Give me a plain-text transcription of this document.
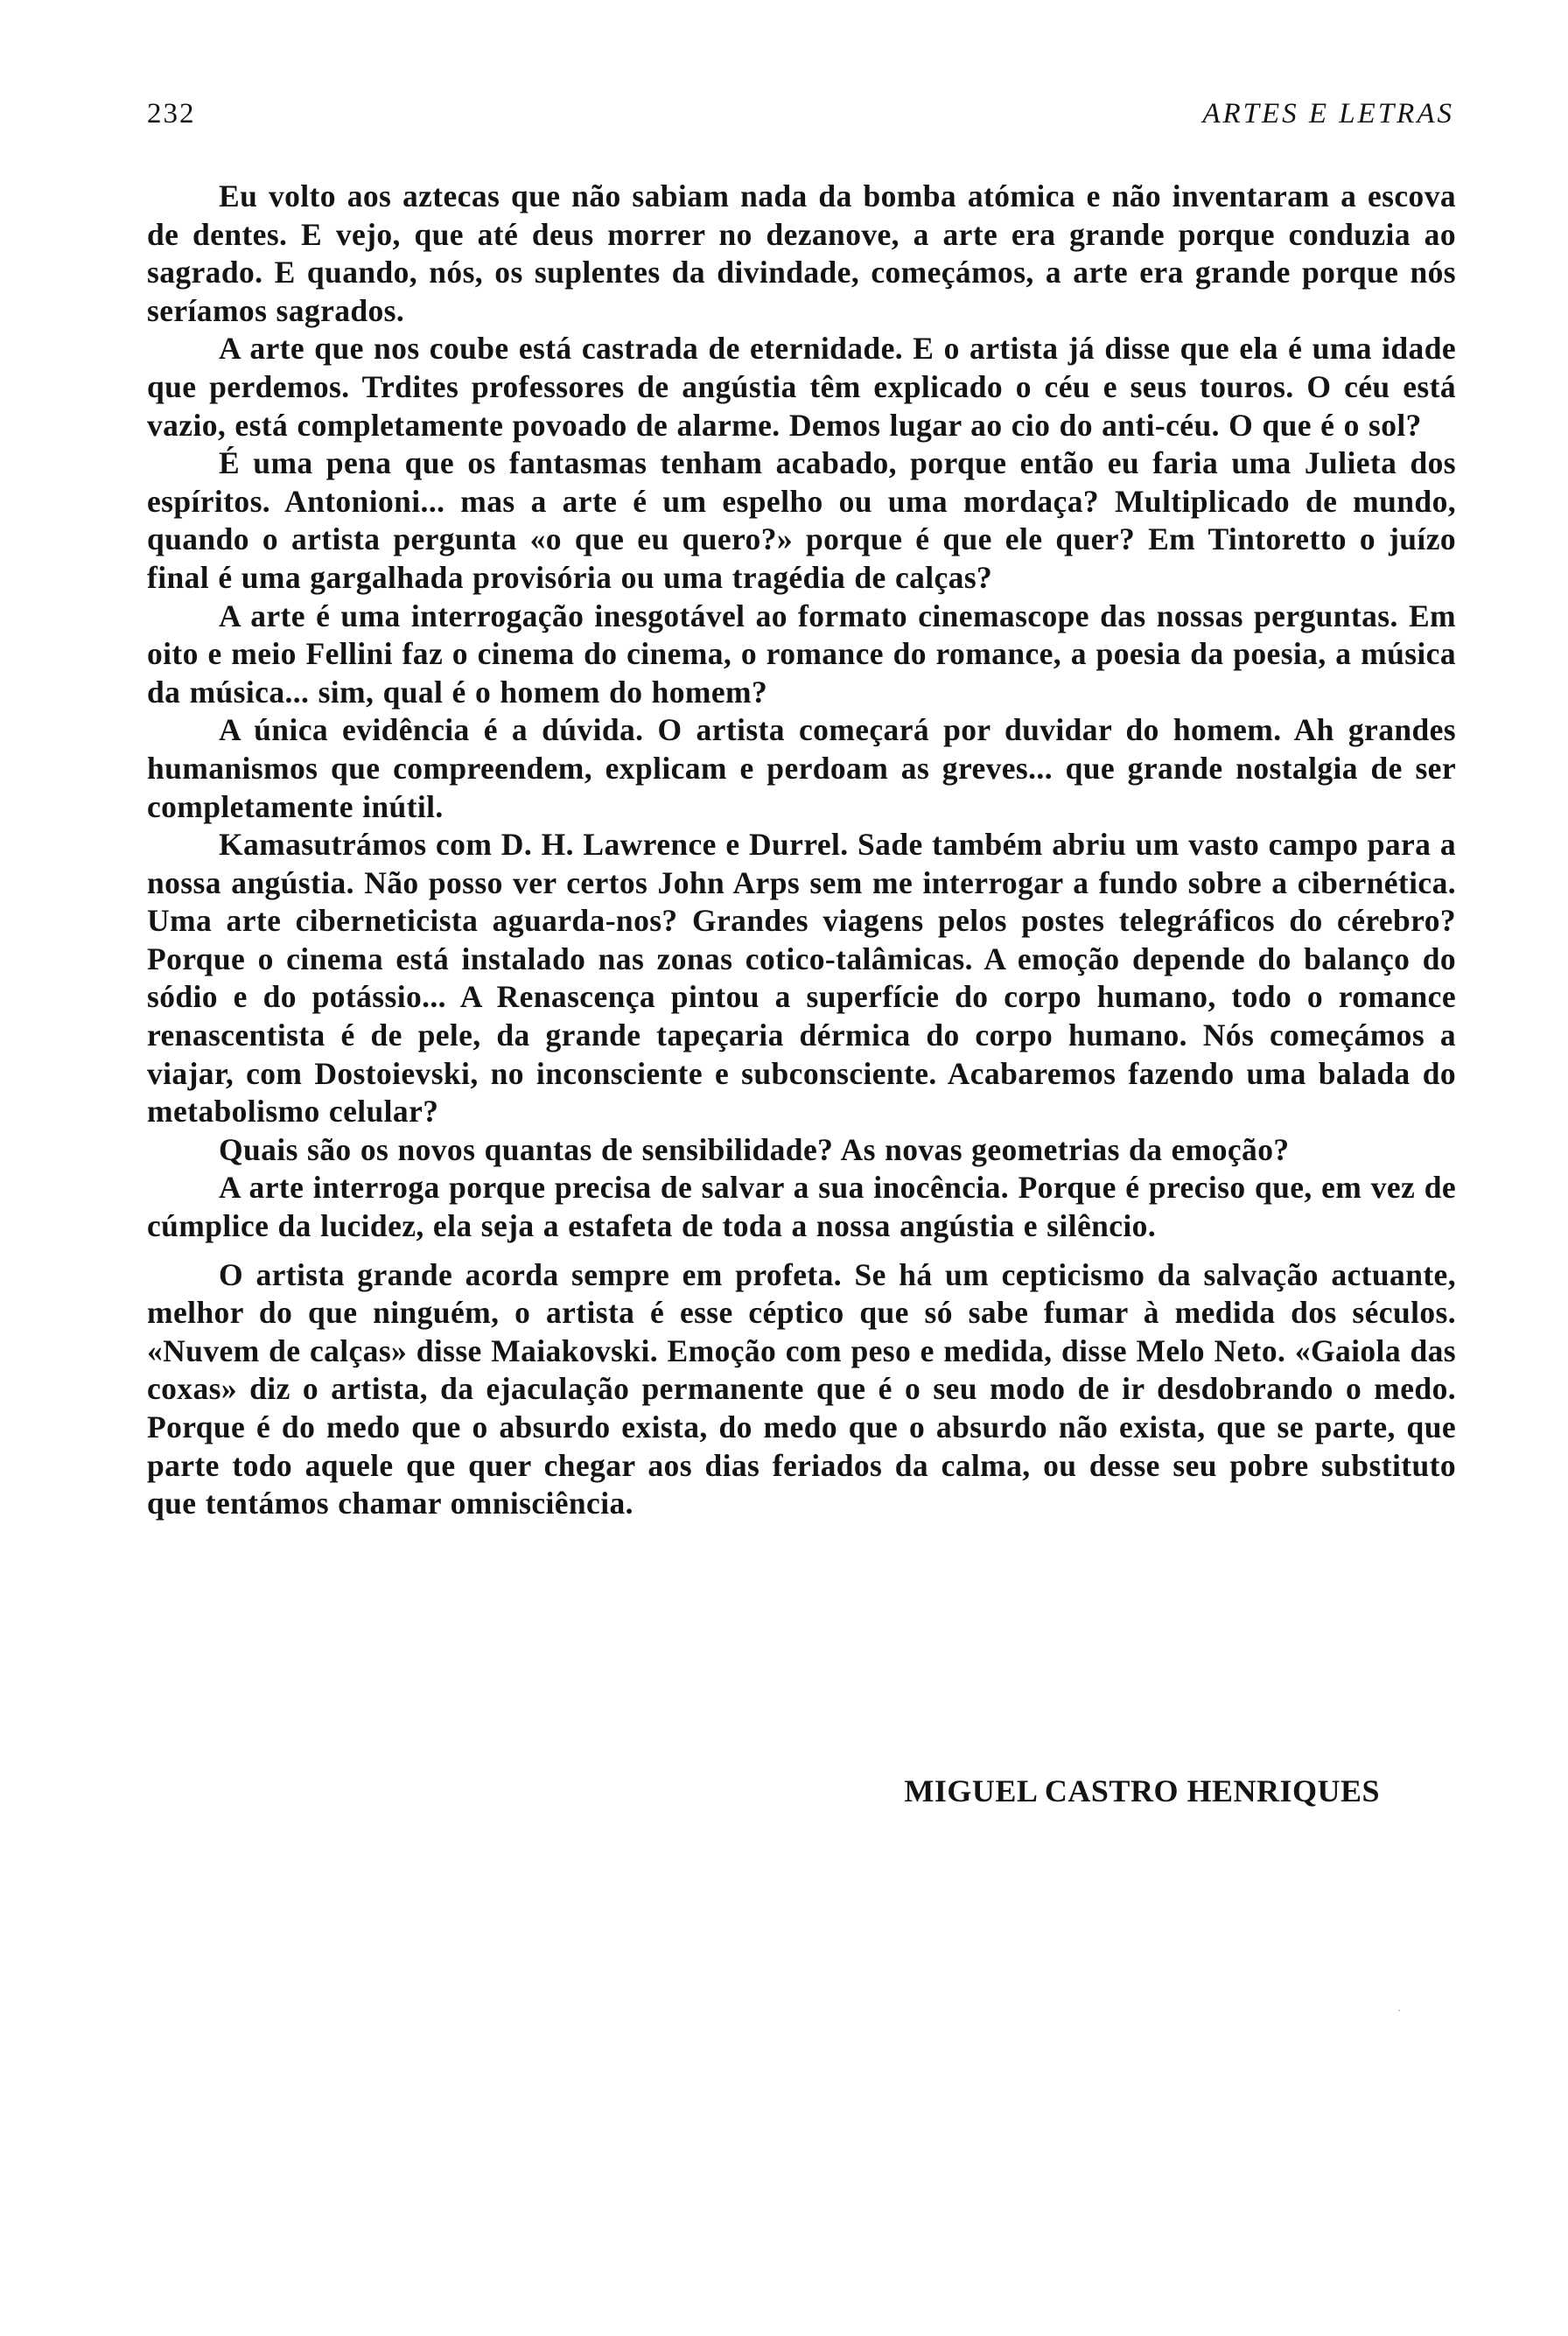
232	ARTES E LETRAS

Eu volto aos aztecas que não sabiam nada da bomba atómica e não inventaram a escova de dentes. E vejo, que até deus morrer no dezanove, a arte era grande porque conduzia ao sagrado. E quando, nós, os suplentes da divindade, começámos, a arte era grande porque nós seríamos sagrados.

A arte que nos coube está castrada de eternidade. E o artista já disse que ela é uma idade que perdemos. Trdites professores de angústia têm explicado o céu e seus touros. O céu está vazio, está completamente povoado de alarme. Demos lugar ao cio do anti-céu. O que é o sol?

É uma pena que os fantasmas tenham acabado, porque então eu faria uma Julieta dos espíritos. Antonioni... mas a arte é um espelho ou uma mordaça? Multiplicado de mundo, quando o artista pergunta «o que eu quero?» porque é que ele quer? Em Tintoretto o juízo final é uma gargalhada provisória ou uma tragédia de calças?

A arte é uma interrogação inesgotável ao formato cinemascope das nossas perguntas. Em oito e meio Fellini faz o cinema do cinema, o romance do romance, a poesia da poesia, a música da música... sim, qual é o homem do homem?

A única evidência é a dúvida. O artista começará por duvidar do homem. Ah grandes humanismos que compreendem, explicam e perdoam as greves... que grande nostalgia de ser completamente inútil.

Kamasutrámos com D. H. Lawrence e Durrel. Sade também abriu um vasto campo para a nossa angústia. Não posso ver certos John Arps sem me interrogar a fundo sobre a cibernética. Uma arte ciberneticista aguarda-nos? Grandes viagens pelos postes telegráficos do cérebro? Porque o cinema está instalado nas zonas cotico-talâmicas. A emoção depende do balanço do sódio e do potássio... A Renascença pintou a superfície do corpo humano, todo o romance renascentista é de pele, da grande tapeçaria dérmica do corpo humano. Nós começámos a viajar, com Dostoievski, no inconsciente e subconsciente. Acabaremos fazendo uma balada do metabolismo celular?

Quais são os novos quantas de sensibilidade? As novas geometrias da emoção?

A arte interroga porque precisa de salvar a sua inocência. Porque é preciso que, em vez de cúmplice da lucidez, ela seja a estafeta de toda a nossa angústia e silêncio.

O artista grande acorda sempre em profeta. Se há um cepticismo da salvação actuante, melhor do que ninguém, o artista é esse céptico que só sabe fumar à medida dos séculos. «Nuvem de calças» disse Maiakovski. Emoção com peso e medida, disse Melo Neto. «Gaiola das coxas» diz o artista, da ejaculação permanente que é o seu modo de ir desdobrando o medo. Porque é do medo que o absurdo exista, do medo que o absurdo não exista, que se parte, que parte todo aquele que quer chegar aos dias feriados da calma, ou desse seu pobre substituto que tentámos chamar omnisciência.

MIGUEL CASTRO HENRIQUES
